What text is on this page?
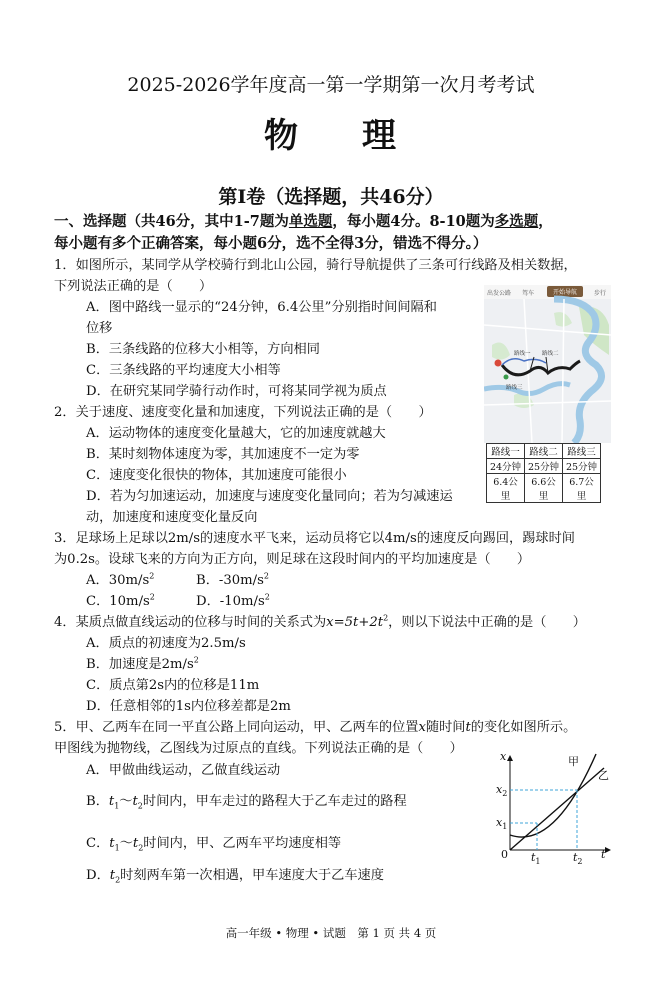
2025-2026学年度高一第一学期第一次月考考试
物 理
第Ⅰ卷（选择题，共46分）
一、选择题（共46分，其中1-7题为单选题，每小题4分。8-10题为多选题，
每小题有多个正确答案，每小题6分，选不全得3分，错选不得分。）
1．如图所示，某同学从学校骑行到北山公园，骑行导航提供了三条可行线路及相关数据，
下列说法正确的是（　　）
A．图中路线一显示的“24分钟，6.4公里”分别指时间间隔和
位移
B．三条线路的位移大小相等，方向相同
C．三条线路的平均速度大小相等
D．在研究某同学骑行动作时，可将某同学视为质点
出发公路 驾车	开始导航	步行
路线一 路线二
路线三
路线一	路线二	路线三
24分钟	25分钟	25分钟
6.4公里	6.6公里	6.7公里
2．关于速度、速度变化量和加速度，下列说法正确的是（　　）
A．运动物体的速度变化量越大，它的加速度就越大
B．某时刻物体速度为零，其加速度不一定为零
C．速度变化很快的物体，其加速度可能很小
D．若为匀加速运动，加速度与速度变化量同向；若为匀减速运
动，加速度和速度变化量反向
3．足球场上足球以2m/s的速度水平飞来，运动员将它以4m/s的速度反向踢回，踢球时间
为0.2s。设球飞来的方向为正方向，则足球在这段时间内的平均加速度是（　　）
A．$30m/s^2$	B．$-30m/s^2$
C．$10m/s^2$	D．$-10m/s^2$
4．某质点做直线运动的位移与时间的关系式为$x=5t+2t^2$，则以下说法中正确的是（　　）
A．质点的初速度为2.5m/s
B．加速度是$2m/s^2$
C．质点第2s内的位移是11m
D．任意相邻的1s内位移差都是2m
5．甲、乙两车在同一平直公路上同向运动，甲、乙两车的位置x随时间t的变化如图所示。
甲图线为抛物线，乙图线为过原点的直线。下列说法正确的是（　　）
A．甲做曲线运动，乙做直线运动
B．$t_1\sim t_2$时间内，甲车走过的路程大于乙车走过的路程
C．$t_1\sim t_2$时间内，甲、乙两车平均速度相等
D．$t_2$时刻两车第一次相遇，甲车速度大于乙车速度
x
t
0
$x_2$
$x_1$
$t_1$	$t_2$
甲
乙
高一年级 • 物理 • 试题　第 1 页 共 4 页
